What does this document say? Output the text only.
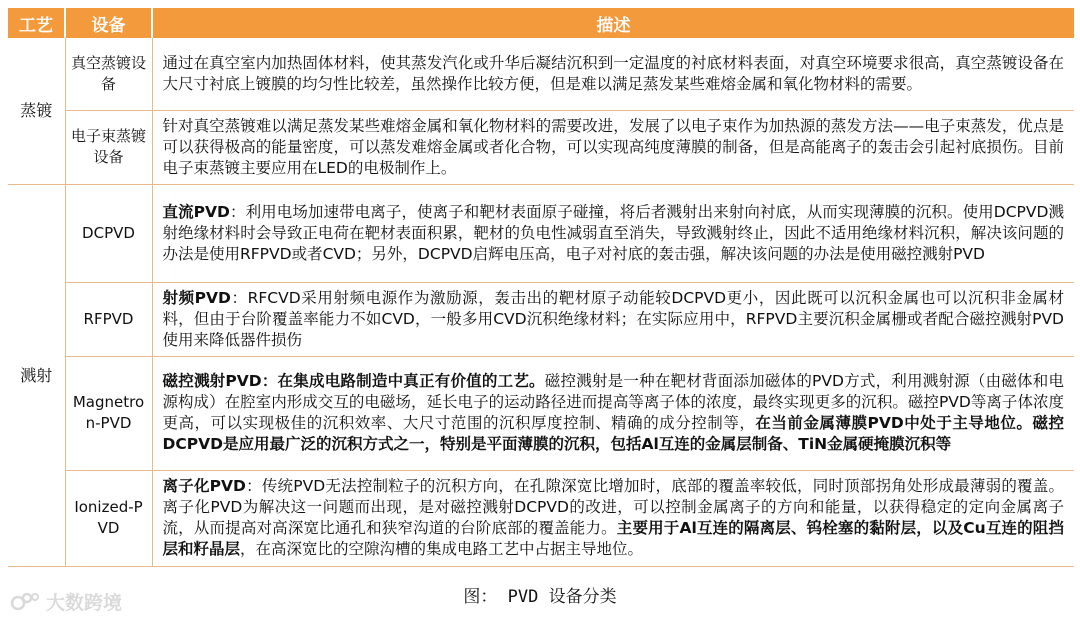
工艺	设备	描述
蒸镀	真空蒸镀设备	通过在真空室内加热固体材料，使其蒸发汽化或升华后凝结沉积到一定温度的衬底材料表面，对真空环境要求很高，真空蒸镀设备在大尺寸衬底上镀膜的均匀性比较差，虽然操作比较方便，但是难以满足蒸发某些难熔金属和氧化物材料的需要。
	电子束蒸镀设备	针对真空蒸镀难以满足蒸发某些难熔金属和氧化物材料的需要改进，发展了以电子束作为加热源的蒸发方法——电子束蒸发，优点是可以获得极高的能量密度，可以蒸发难熔金属或者化合物，可以实现高纯度薄膜的制备，但是高能离子的轰击会引起衬底损伤。目前电子束蒸镀主要应用在LED的电极制作上。
溅射	DCPVD	直流PVD：利用电场加速带电离子，使离子和靶材表面原子碰撞，将后者溅射出来射向衬底，从而实现薄膜的沉积。使用DCPVD溅射绝缘材料时会导致正电荷在靶材表面积累，靶材的负电性减弱直至消失，导致溅射终止，因此不适用绝缘材料沉积，解决该问题的办法是使用RFPVD或者CVD；另外，DCPVD启辉电压高，电子对衬底的轰击强，解决该问题的办法是使用磁控溅射PVD
	RFPVD	射频PVD：RFCVD采用射频电源作为激励源，轰击出的靶材原子动能较DCPVD更小，因此既可以沉积金属也可以沉积非金属材料，但由于台阶覆盖率能力不如CVD，一般多用CVD沉积绝缘材料；在实际应用中，RFPVD主要沉积金属栅或者配合磁控溅射PVD使用来降低器件损伤
	Magnetron-PVD	磁控溅射PVD：在集成电路制造中真正有价值的工艺。磁控溅射是一种在靶材背面添加磁体的PVD方式，利用溅射源（由磁体和电源构成）在腔室内形成交互的电磁场，延长电子的运动路径进而提高等离子体的浓度，最终实现更多的沉积。磁控PVD等离子体浓度更高，可以实现极佳的沉积效率、大尺寸范围的沉积厚度控制、精确的成分控制等，在当前金属薄膜PVD中处于主导地位。磁控DCPVD是应用最广泛的沉积方式之一，特别是平面薄膜的沉积，包括Al互连的金属层制备、TiN金属硬掩膜沉积等
	Ionized-PVD	离子化PVD：传统PVD无法控制粒子的沉积方向，在孔隙深宽比增加时，底部的覆盖率较低，同时顶部拐角处形成最薄弱的覆盖。离子化PVD为解决这一问题而出现，是对磁控溅射DCPVD的改进，可以控制金属离子的方向和能量，以获得稳定的定向金属离子流，从而提高对高深宽比通孔和狭窄沟道的台阶底部的覆盖能力。主要用于Al互连的隔离层、钨栓塞的黏附层，以及Cu互连的阻挡层和籽晶层，在高深宽比的空隙沟槽的集成电路工艺中占据主导地位。
大数跨境	图： PVD 设备分类
